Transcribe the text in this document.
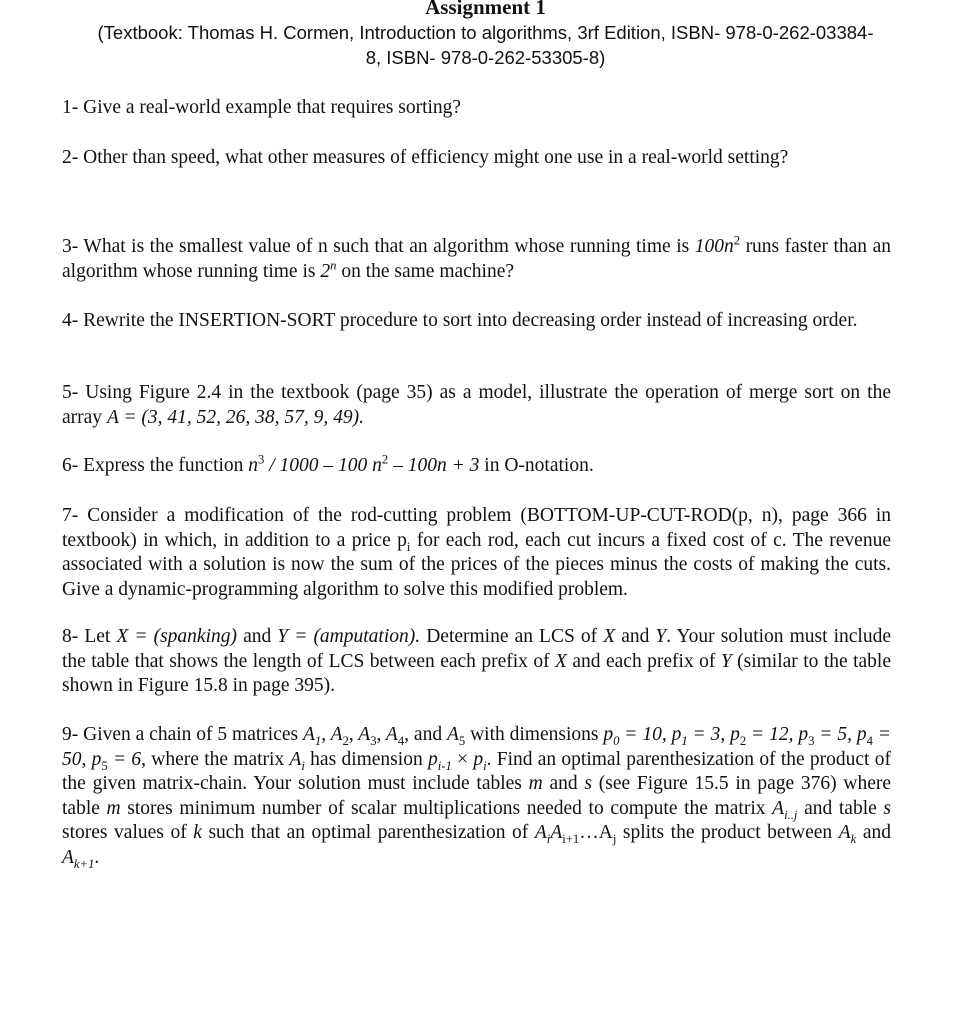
Assignment 1
(Textbook: Thomas H. Cormen, Introduction to algorithms, 3rf Edition, ISBN- 978-0-262-03384-
8, ISBN- 978-0-262-53305-8)
1- Give a real-world example that requires sorting?
2- Other than speed, what other measures of efficiency might one use in a real-world setting?
3- What is the smallest value of n such that an algorithm whose running time is $100n^2$ runs faster than an algorithm whose running time is 2$^n$ on the same machine?
4- Rewrite the INSERTION-SORT procedure to sort into decreasing order instead of increasing order.
5- Using Figure 2.4 in the textbook (page 35) as a model, illustrate the operation of merge sort on the array A = (3, 41, 52, 26, 38, 57, 9, 49).
6- Express the function $n^3 / 1000 - 100$ $n^2 - 100n + 3$ in O-notation.
7- Consider a modification of the rod-cutting problem (BOTTOM-UP-CUT-ROD(p, n), page 366 in textbook) in which, in addition to a price $p_i$ for each rod, each cut incurs a fixed cost of c. The revenue associated with a solution is now the sum of the prices of the pieces minus the costs of making the cuts. Give a dynamic-programming algorithm to solve this modified problem.
8- Let X = (spanking) and Y = (amputation). Determine an LCS of X and Y. Your solution must include the table that shows the length of LCS between each prefix of X and each prefix of Y (similar to the table shown in Figure 15.8 in page 395).
9- Given a chain of 5 matrices $A_1$, $A_2$, $A_3$, $A_4$, and $A_5$ with dimensions $p_0 = 10$, $p_1 = 3$, $p_2 = 12$, $p_3 = 5$, $p_4 = 50$, $p_5 = 6$, where the matrix $A_i$ has dimension $p_{i-1} \times p_i$. Find an optimal parenthesization of the product of the given matrix-chain. Your solution must include tables m and s (see Figure 15.5 in page 376) where table m stores minimum number of scalar multiplications needed to compute the matrix $A_{i..j}$ and table s stores values of k such that an optimal parenthesization of $A_iA_{i+1}\dots A_j$ splits the product between $A_k$ and $A_{k+1}$.
